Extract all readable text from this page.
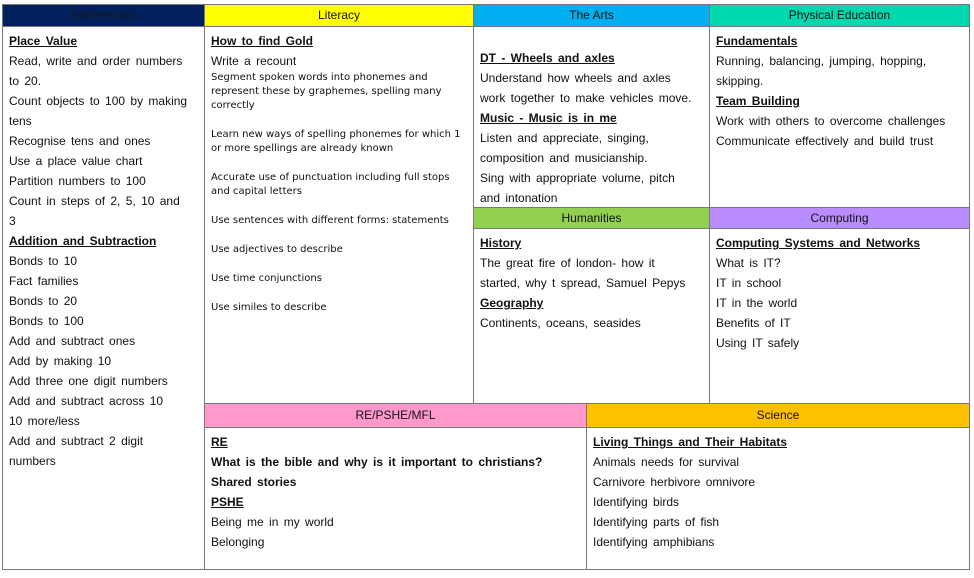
Mathematics

Place Value

Read, write and order numbers

to 20.

Count objects to 100 by making

tens

Recognise tens and ones

Use a place value chart

Partition numbers to 100

Count in steps of 2, 5, 10 and

3

Addition and Subtraction

Bonds to 10

Fact families

Bonds to 20

Bonds to 100

Add and subtract ones

Add by making 10

Add three one digit numbers

Add and subtract across 10

10 more/less

Add and subtract 2 digit

numbers

Literacy

How to find Gold

Write a recount

Segment spoken words into phonemes and represent these by graphemes, spelling many correctly

Learn new ways of spelling phonemes for which 1 or more spellings are already known

Accurate use of punctuation including full stops and capital letters

Use sentences with different forms: statements

Use adjectives to describe

Use time conjunctions

Use similes to describe

The Arts

DT - Wheels and axles

Understand how wheels and axles

work together to make vehicles move.

Music - Music is in me

Listen and appreciate, singing,

composition and musicianship.

Sing with appropriate volume, pitch

and intonation

Physical Education

Fundamentals

Running, balancing, jumping, hopping,

skipping.

Team Building

Work with others to overcome challenges

Communicate effectively and build trust

Humanities

History

The great fire of london- how it

started, why t spread, Samuel Pepys

Geography

Continents, oceans, seasides

Computing

Computing Systems and Networks

What is IT?

IT in school

IT in the world

Benefits of IT

Using IT safely

RE/PSHE/MFL

RE

What is the bible and why is it important to christians?

Shared stories

PSHE

Being me in my world

Belonging

Science

Living Things and Their Habitats

Animals needs for survival

Carnivore herbivore omnivore

Identifying birds

Identifying parts of fish

Identifying amphibians
